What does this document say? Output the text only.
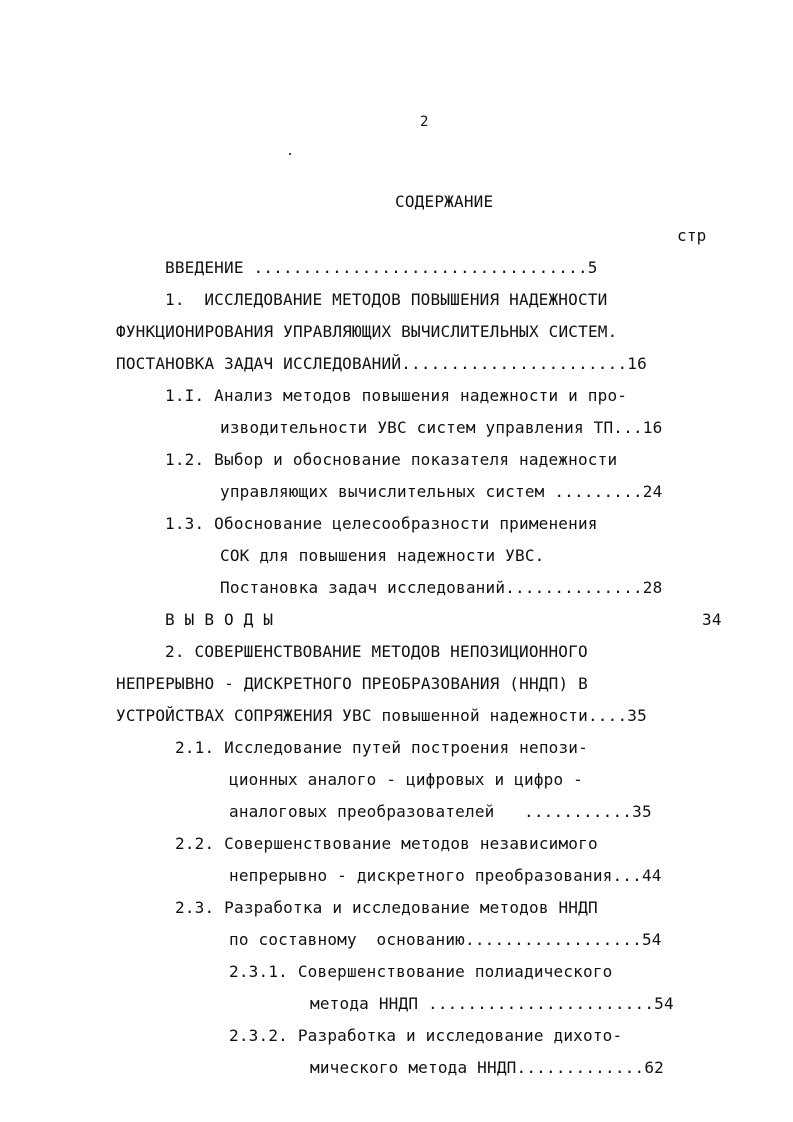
2
СОДЕРЖАНИЕ
стр
ВВЕДЕНИЕ ..................................5
1.  ИССЛЕДОВАНИЕ МЕТОДОВ ПОВЫШЕНИЯ НАДЕЖНОСТИ
ФУНКЦИОНИРОВАНИЯ УПРАВЛЯЮЩИХ ВЫЧИСЛИТЕЛЬНЫХ СИСТЕМ.
ПОСТАНОВКА ЗАДАЧ ИССЛЕДОВАНИЙ.......................16
1.I. Анализ методов повышения надежности и про-
изводительности УВС систем управления ТП...16
1.2. Выбор и обоснование показателя надежности
управляющих вычислительных систем .........24
1.3. Обоснование целесообразности применения
СОК для повышения надежности УВС.
Постановка задач исследований..............28
В Ы В О Д Ы	34
2. СОВЕРШЕНСТВОВАНИЕ МЕТОДОВ НЕПОЗИЦИОННОГО
НЕПРЕРЫВНО - ДИСКРЕТНОГО ПРЕОБРАЗОВАНИЯ (ННДП) В
УСТРОЙСТВАХ СОПРЯЖЕНИЯ УВС повышенной надежности....35
2.1. Исследование путей построения непози-
ционных аналого - цифровых и цифро -
аналоговых преобразователей   ...........35
2.2. Совершенствование методов независимого
непрерывно - дискретного преобразования...44
2.3. Разработка и исследование методов ННДП
по составному  основанию..................54
2.3.1. Совершенствование полиадического
метода ННДП .......................54
2.3.2. Разработка и исследование дихото-
мического метода ННДП.............62
